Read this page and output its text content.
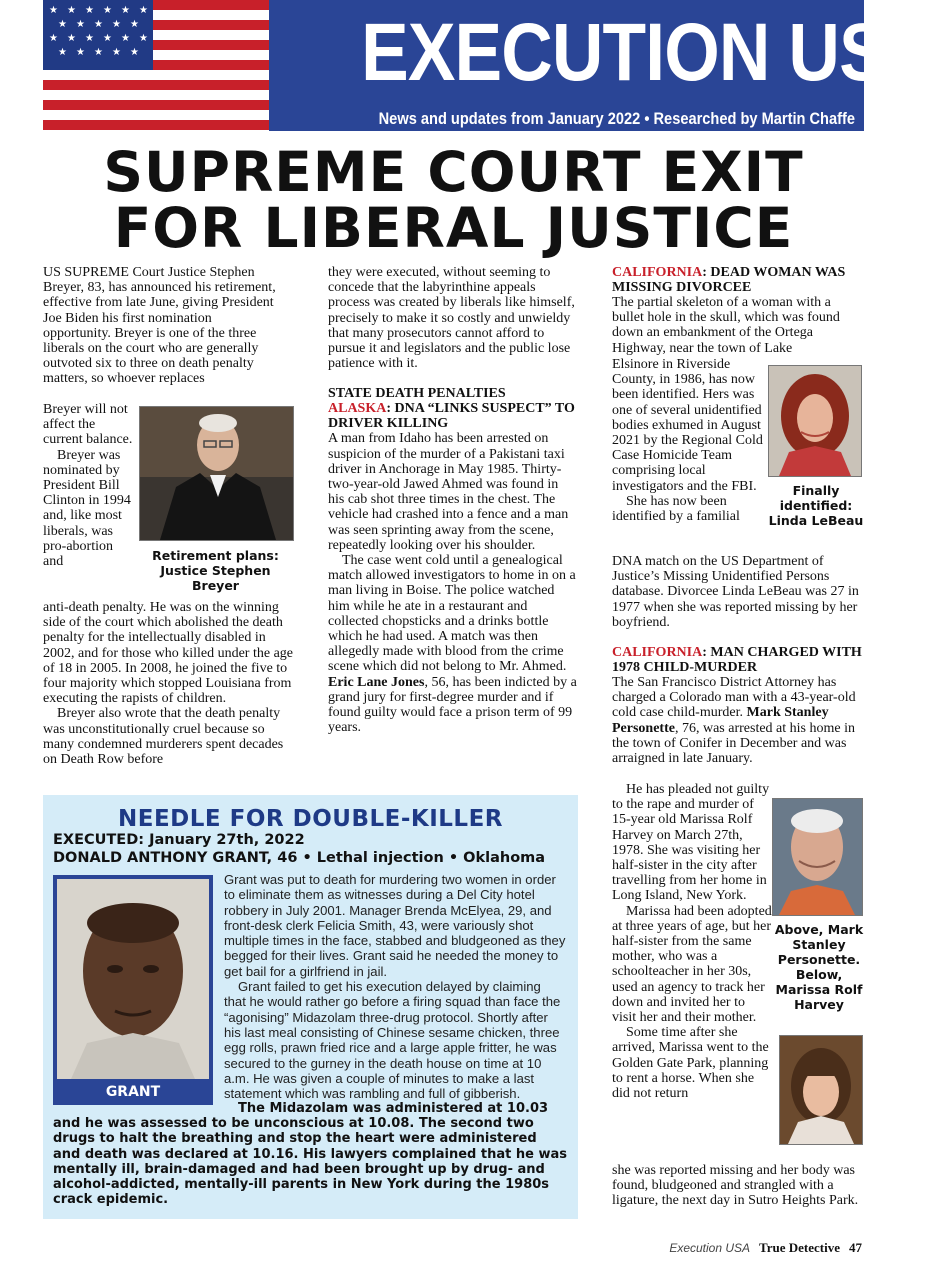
★ ★ ★ ★ ★ ★
★ ★ ★ ★ ★
★ ★ ★ ★ ★ ★
★ ★ ★ ★ ★	EXECUTION USA
News and updates from January 2022 • Researched by Martin Chaffe
SUPREME COURT EXIT
FOR LIBERAL JUSTICE

US SUPREME Court Justice Stephen Breyer, 83, has announced his retirement, effective from late June, giving President Joe Biden his first nomination opportunity. Breyer is one of the three liberals on the court who are generally outvoted six to three on death penalty matters, so whoever replaces

Breyer will not affect the current balance.

Breyer was nominated by President Bill Clinton in 1994 and, like most liberals, was pro-abortion and	Retirement plans: Justice Stephen Breyer

anti-death penalty. He was on the winning side of the court which abolished the death penalty for the intellectually disabled in 2002, and for those who killed under the age of 18 in 2005. In 2008, he joined the five to four majority which stopped Louisiana from executing the rapists of children.

Breyer also wrote that the death penalty was unconstitutionally cruel because so many condemned murderers spent decades on Death Row before

they were executed, without seeming to concede that the labyrinthine appeals process was created by liberals like himself, precisely to make it so costly and unwieldy that many prosecutors cannot afford to pursue it and legislators and the public lose patience with it.

STATE DEATH PENALTIES
ALASKA: DNA “LINKS SUSPECT” TO DRIVER KILLING

A man from Idaho has been arrested on suspicion of the murder of a Pakistani taxi driver in Anchorage in May 1985. Thirty-two-year-old Jawed Ahmed was found in his cab shot three times in the chest. The vehicle had crashed into a fence and a man was seen sprinting away from the scene, repeatedly looking over his shoulder.

The case went cold until a genealogical match allowed investigators to home in on a man living in Boise. The police watched him while he ate in a restaurant and collected chopsticks and a drinks bottle which he had used. A match was then allegedly made with blood from the crime scene which did not belong to Mr. Ahmed. Eric Lane Jones, 56, has been indicted by a grand jury for first-degree murder and if found guilty would face a prison term of 99 years.

CALIFORNIA: DEAD WOMAN WAS MISSING DIVORCEE

The partial skeleton of a woman with a bullet hole in the skull, which was found down an embankment of the Ortega Highway, near the town of Lake

Elsinore in Riverside County, in 1986, has now been identified. Hers was one of several unidentified bodies exhumed in August 2021 by the Regional Cold Case Homicide Team comprising local investigators and the FBI.

She has now been identified by a familial

Finally identified: Linda LeBeau

DNA match on the US Department of Justice’s Missing Unidentified Persons database. Divorcee Linda LeBeau was 27 in 1977 when she was reported missing by her boyfriend.

CALIFORNIA: MAN CHARGED WITH 1978 CHILD-MURDER

The San Francisco District Attorney has charged a Colorado man with a 43-year-old cold case child-murder. Mark Stanley Personette, 76, was arrested at his home in the town of Conifer in December and was arraigned in late January.

He has pleaded not guilty to the rape and murder of 15-year old Marissa Rolf Harvey on March 27th, 1978. She was visiting her half-sister in the city after travelling from her home in Long Island, New York.

Marissa had been adopted at three years of age, but her half-sister from the same mother, who was a schoolteacher in her 30s, used an agency to track her down and invited her to visit her and their mother.

Some time after she arrived, Marissa went to the Golden Gate Park, planning to rent a horse. When she did not return

Above, Mark Stanley Personette. Below, Marissa Rolf Harvey

she was reported missing and her body was found, bludgeoned and strangled with a ligature, the next day in Sutro Heights Park.

NEEDLE FOR DOUBLE-KILLER
EXECUTED: January 27th, 2022
DONALD ANTHONY GRANT, 46 • Lethal injection • Oklahoma
GRANT

Grant was put to death for murdering two women in order to eliminate them as witnesses during a Del City hotel robbery in July 2001. Manager Brenda McElyea, 29, and front-desk clerk Felicia Smith, 43, were variously shot multiple times in the face, stabbed and bludgeoned as they begged for their lives. Grant said he needed the money to get bail for a girlfriend in jail.

Grant failed to get his execution delayed by claiming that he would rather go before a firing squad than face the “agonising” Midazolam three-drug protocol. Shortly after his last meal consisting of Chinese sesame chicken, three egg rolls, prawn fried rice and a large apple fritter, he was secured to the gurney in the death house on time at 10 a.m. He was given a couple of minutes to make a last statement which was rambling and full of gibberish.

The Midazolam was administered at 10.03 and he was assessed to be unconscious at 10.08. The second two drugs to halt the breathing and stop the heart were administered and death was declared at 10.16. His lawyers complained that he was mentally ill, brain-damaged and had been brought up by drug- and alcohol-addicted, mentally-ill parents in New York during the 1980s crack epidemic.
Execution USA True Detective 47
